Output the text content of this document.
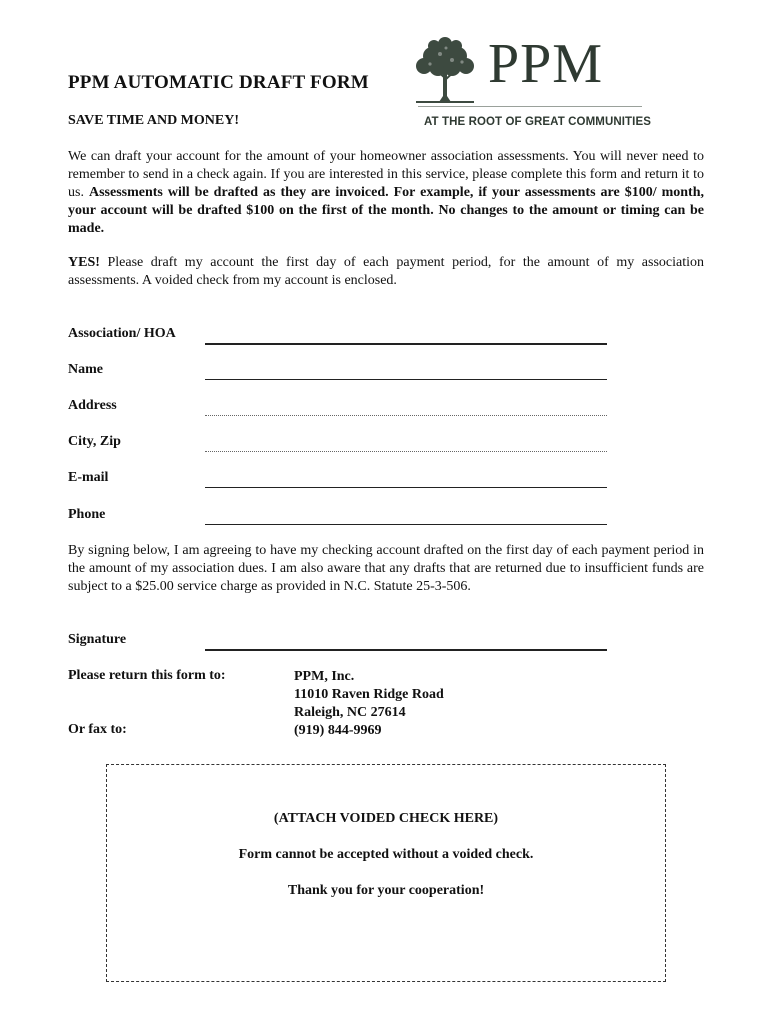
PPM
AT THE ROOT OF GREAT COMMUNITIES
PPM AUTOMATIC DRAFT FORM
SAVE TIME AND MONEY!
We can draft your account for the amount of your homeowner association assessments. You will never need to remember to send in a check again. If you are interested in this service, please complete this form and return it to us. Assessments will be drafted as they are invoiced. For example, if your assessments are $100/ month, your account will be drafted $100 on the first of the month. No changes to the amount or timing can be made.
YES! Please draft my account the first day of each payment period, for the amount of my association assessments. A voided check from my account is enclosed.
Association/ HOA
Name
Address
City, Zip
E-mail
Phone
By signing below, I am agreeing to have my checking account drafted on the first day of each payment period in the amount of my association dues. I am also aware that any drafts that are returned due to insufficient funds are subject to a $25.00 service charge as provided in N.C. Statute 25-3-506.
Signature
Please return this form to:	PPM, Inc.
11010 Raven Ridge Road
Raleigh, NC 27614
Or fax to:	(919) 844-9969
(ATTACH VOIDED CHECK HERE)
Form cannot be accepted without a voided check.
Thank you for your cooperation!
